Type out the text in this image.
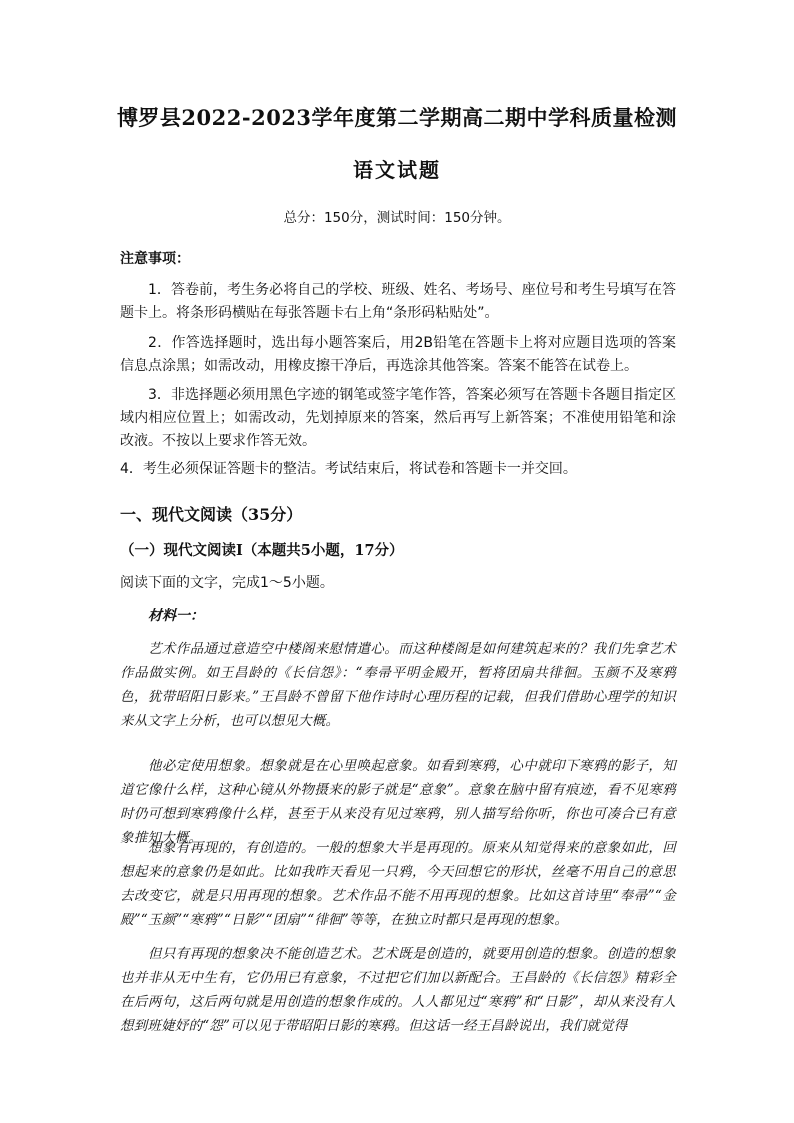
博罗县2022-2023学年度第二学期高二期中学科质量检测
语文试题
总分：150分，测试时间：150分钟。
注意事项：
1．答卷前，考生务必将自己的学校、班级、姓名、考场号、座位号和考生号填写在答题卡上。将条形码横贴在每张答题卡右上角“条形码粘贴处”。
2．作答选择题时，选出每小题答案后，用2B铅笔在答题卡上将对应题目选项的答案信息点涂黑；如需改动，用橡皮擦干净后，再选涂其他答案。答案不能答在试卷上。
3．非选择题必须用黑色字迹的钢笔或签字笔作答，答案必须写在答题卡各题目指定区域内相应位置上；如需改动，先划掉原来的答案，然后再写上新答案；不准使用铅笔和涂改液。不按以上要求作答无效。
4．考生必须保证答题卡的整洁。考试结束后，将试卷和答题卡一并交回。
一、现代文阅读（35分）
（一）现代文阅读Ⅰ（本题共5小题，17分）
阅读下面的文字，完成1～5小题。
材料一：
艺术作品通过意造空中楼阁来慰情遣心。而这种楼阁是如何建筑起来的？我们先拿艺术作品做实例。如王昌龄的《长信怨》：“奉帚平明金殿开，暂将团扇共徘徊。玉颜不及寒鸦色，犹带昭阳日影来。”王昌龄不曾留下他作诗时心理历程的记载，但我们借助心理学的知识来从文字上分析，也可以想见大概。
他必定使用想象。想象就是在心里唤起意象。如看到寒鸦，心中就印下寒鸦的影子，知道它像什么样，这种心镜从外物摄来的影子就是“意象”。意象在脑中留有痕迹，看不见寒鸦时仍可想到寒鸦像什么样，甚至于从来没有见过寒鸦，别人描写给你听，你也可凑合已有意象推知大概。
想象有再现的，有创造的。一般的想象大半是再现的。原来从知觉得来的意象如此，回想起来的意象仍是如此。比如我昨天看见一只鸦，今天回想它的形状，丝毫不用自己的意思去改变它，就是只用再现的想象。艺术作品不能不用再现的想象。比如这首诗里“奉帚”“金殿”“玉颜”“寒鸦”“日影”“团扇”“徘徊”等等，在独立时都只是再现的想象。
但只有再现的想象决不能创造艺术。艺术既是创造的，就要用创造的想象。创造的想象也并非从无中生有，它仍用已有意象，不过把它们加以新配合。王昌龄的《长信怨》精彩全在后两句，这后两句就是用创造的想象作成的。人人都见过“寒鸦”和“日影”，却从来没有人想到班婕妤的“怨”可以见于带昭阳日影的寒鸦。但这话一经王昌龄说出，我们就觉得
